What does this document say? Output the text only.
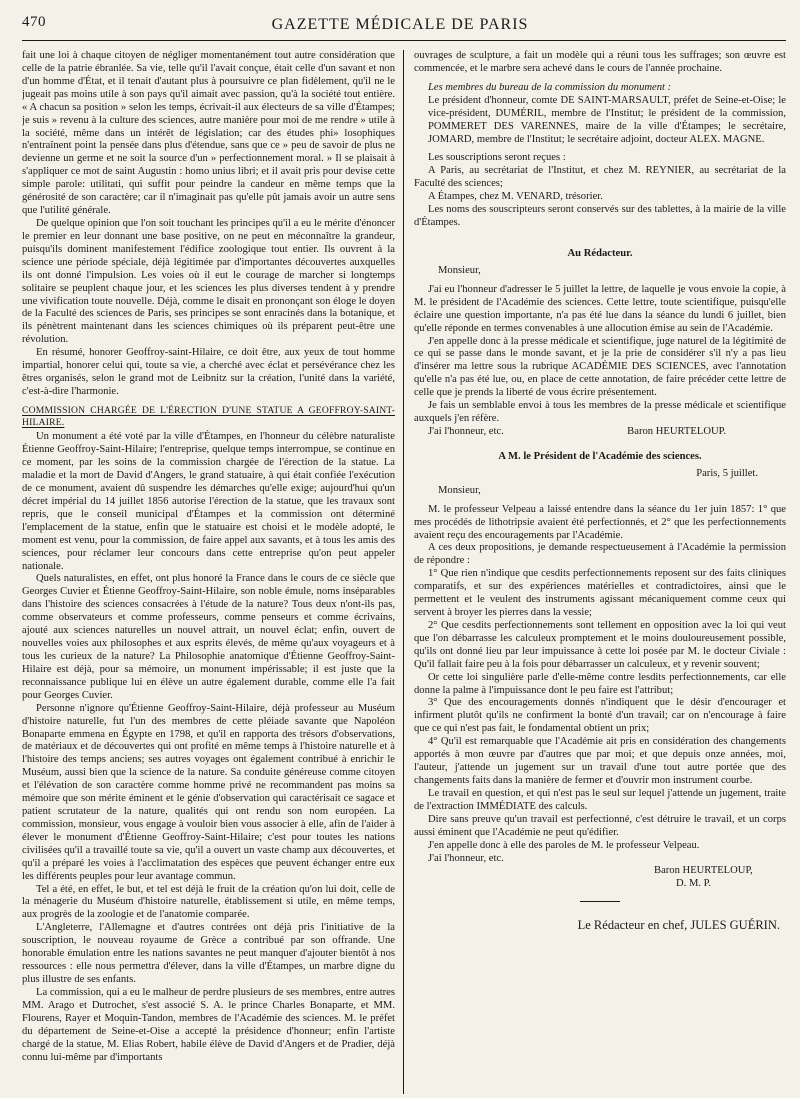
470	GAZETTE MÉDICALE DE PARIS

fait une loi à chaque citoyen de négliger momentanément tout autre considération que celle de la patrie ébranlée. Sa vie, telle qu'il l'avait conçue, était celle d'un savant et non d'un homme d'État, et il tenait d'autant plus à poursuivre ce plan fidèlement, qu'il ne le jugeait pas moins utile à son pays qu'il aimait avec passion, qu'à la société tout entière. « A chacun sa position » selon les temps, écrivait-il aux électeurs de sa ville d'Étampes; je suis » revenu à la culture des sciences, autre manière pour moi de me rendre » utile à la société, même dans un intérêt de législation; car des études phi» losophiques n'entraînent point la pensée dans plus d'étendue, sans que ce » peu de savoir de plus ne devienne un germe et ne soit la source d'un » perfectionnement moral. » Il se plaisait à s'appliquer ce mot de saint Augustin : homo unius libri; et il avait pris pour devise cette simple parole: utilitati, qui suffit pour peindre la candeur en même temps que la générosité de son caractère; car il n'imaginait pas qu'elle pût jamais avoir un autre sens que l'utilité générale.

De quelque opinion que l'on soit touchant les principes qu'il a eu le mérite d'énoncer le premier en leur donnant une base positive, on ne peut en méconnaître la grandeur, puisqu'ils dominent manifestement l'édifice zoologique tout entier. Ils ouvrent à la science une période spéciale, déjà légitimée par d'importantes découvertes auxquelles ils ont donné l'impulsion. Les voies où il eut le courage de marcher si longtemps solitaire se peuplent chaque jour, et les sciences les plus diverses tendent à y prendre une vivification toute nouvelle. Déjà, comme le disait en prononçant son éloge le doyen de la Faculté des sciences de Paris, ses principes se sont enracinés dans la botanique, et ils pénètrent maintenant dans les sciences chimiques où ils préparent peut-être une révolution.

En résumé, honorer Geoffroy-saint-Hilaire, ce doit être, aux yeux de tout homme impartial, honorer celui qui, toute sa vie, a cherché avec éclat et persévérance chez les êtres organisés, selon le grand mot de Leibnitz sur la création, l'unité dans la variété, c'est-à-dire l'harmonie.

COMMISSION CHARGÉE DE L'ÉRECTION D'UNE STATUE A GEOFFROY-SAINT-HILAIRE.

Un monument a été voté par la ville d'Étampes, en l'honneur du célèbre naturaliste Étienne Geoffroy-Saint-Hilaire; l'entreprise, quelque temps interrompue, se continue en ce moment, par les soins de la commission chargée de l'érection de la statue. La maladie et la mort de David d'Angers, le grand statuaire, à qui était confiée l'exécution de ce monument, avaient dû suspendre les démarches qu'elle exige; aujourd'hui qu'un décret impérial du 14 juillet 1856 autorise l'érection de la statue, que les travaux sont repris, que le conseil municipal d'Étampes et la commission ont déterminé l'emplacement de la statue, enfin que le statuaire est choisi et le modèle adopté, le moment est venu, pour la commission, de faire appel aux savants, et à tous les amis des sciences, pour réclamer leur concours dans cette entreprise qu'on peut appeler nationale.

Quels naturalistes, en effet, ont plus honoré la France dans le cours de ce siècle que Georges Cuvier et Étienne Geoffroy-Saint-Hilaire, son noble émule, noms inséparables dans l'histoire des sciences consacrées à l'étude de la nature? Tous deux n'ont-ils pas, comme observateurs et comme professeurs, comme penseurs et comme écrivains, ajouté aux sciences naturelles un nouvel attrait, un nouvel éclat; enfin, ouvert de nouvelles voies aux philosophes et aux esprits élevés, de même qu'aux voyageurs et à tous les curieux de la nature? La Philosophie anatomique d'Étienne Geoffroy-Saint-Hilaire est déjà, pour sa mémoire, un monument impérissable; il est juste que la reconnaissance publique lui en élève un autre également durable, comme elle l'a fait pour Georges Cuvier.

Personne n'ignore qu'Étienne Geoffroy-Saint-Hilaire, déjà professeur au Muséum d'histoire naturelle, fut l'un des membres de cette pléiade savante que Napoléon Bonaparte emmena en Égypte en 1798, et qu'il en rapporta des trésors d'observations, de matériaux et de découvertes qui ont profité en même temps à l'histoire naturelle et à l'histoire des temps anciens; ses autres voyages ont également contribué à enrichir le Muséum, aussi bien que la science de la nature. Sa conduite généreuse comme citoyen et l'élévation de son caractère comme homme privé ne recommandent pas moins sa mémoire que son mérite éminent et le génie d'observation qui caractérisait ce sagace et patient scrutateur de la nature, qualités qui ont rendu son nom européen. La commission, monsieur, vous engage à vouloir bien vous associer à elle, afin de l'aider à élever le monument d'Étienne Geoffroy-Saint-Hilaire; c'est pour toutes les nations civilisées qu'il a travaillé toute sa vie, qu'il a ouvert un vaste champ aux découvertes, et qu'il a préparé les voies à l'acclimatation des espèces que peuvent échanger entre eux les différents peuples pour leur avantage commun.

Tel a été, en effet, le but, et tel est déjà le fruit de la création qu'on lui doit, celle de la ménagerie du Muséum d'histoire naturelle, établissement si utile, en même temps, aux progrès de la zoologie et de l'anatomie comparée.

L'Angleterre, l'Allemagne et d'autres contrées ont déjà pris l'initiative de la souscription, le nouveau royaume de Grèce a contribué par son offrande. Une honorable émulation entre les nations savantes ne peut manquer d'ajouter bientôt à nos ressources : elle nous permettra d'élever, dans la ville d'Étampes, un marbre digne du plus illustre de ses enfants.

La commission, qui a eu le malheur de perdre plusieurs de ses membres, entre autres MM. Arago et Dutrochet, s'est associé S. A. le prince Charles Bonaparte, et MM. Flourens, Rayer et Moquin-Tandon, membres de l'Académie des sciences. M. le préfet du département de Seine-et-Oise a accepté la présidence d'honneur; enfin l'artiste chargé de la statue, M. Elias Robert, habile élève de David d'Angers et de Pradier, déjà connu lui-même par d'importants

ouvrages de sculpture, a fait un modèle qui a réuni tous les suffrages; son œuvre est commencée, et le marbre sera achevé dans le cours de l'année prochaine.

Les membres du bureau de la commission du monument :

Le président d'honneur, comte DE SAINT-MARSAULT, préfet de Seine-et-Oise; le vice-président, DUMÉRIL, membre de l'Institut; le président de la commission, POMMERET DES VARENNES, maire de la ville d'Étampes; le secrétaire, JOMARD, membre de l'Institut; le secrétaire adjoint, docteur ALEX. MAGNE.

Les souscriptions seront reçues :

A Paris, au secrétariat de l'Institut, et chez M. REYNIER, au secrétariat de la Faculté des sciences;

A Étampes, chez M. VENARD, trésorier.

Les noms des souscripteurs seront conservés sur des tablettes, à la mairie de la ville d'Étampes.

Au Rédacteur.

Monsieur,

J'ai eu l'honneur d'adresser le 5 juillet la lettre, de laquelle je vous envoie la copie, à M. le président de l'Académie des sciences. Cette lettre, toute scientifique, puisqu'elle éclaire une question importante, n'a pas été lue dans la séance du lundi 6 juillet, bien qu'elle réponde en termes convenables à une allocution émise au sein de l'Académie.

J'en appelle donc à la presse médicale et scientifique, juge naturel de la légitimité de ce qui se passe dans le monde savant, et je la prie de considérer s'il n'y a pas lieu d'insérer ma lettre sous la rubrique ACADÉMIE DES SCIENCES, avec l'annotation qu'elle n'a pas été lue, ou, en place de cette annotation, de faire précéder cette lettre de celle que je prends la liberté de vous écrire présentement.

Je fais un semblable envoi à tous les membres de la presse médicale et scientifique auxquels j'en réfère.

J'ai l'honneur, etc.	Baron HEURTELOUP.

A M. le Président de l'Académie des sciences.

Paris, 5 juillet.

Monsieur,

M. le professeur Velpeau a laissé entendre dans la séance du 1er juin 1857: 1° que mes procédés de lithotripsie avaient été perfectionnés, et 2° que les perfectionnements avaient reçu des encouragements par l'Académie.

A ces deux propositions, je demande respectueusement à l'Académie la permission de répondre :

1° Que rien n'indique que cesdits perfectionnements reposent sur des faits cliniques comparatifs, et sur des expériences matérielles et contradictoires, ainsi que le permettent et le veulent des instruments agissant mécaniquement comme ceux qui servent à broyer les pierres dans la vessie;

2° Que cesdits perfectionnements sont tellement en opposition avec la loi qui veut que l'on débarrasse les calculeux promptement et le moins douloureusement possible, qu'ils ont donné lieu par leur impuissance à cette loi posée par M. le docteur Civiale : Qu'il fallait faire peu à la fois pour débarrasser un calculeux, et y revenir souvent;

Or cette loi singulière parle d'elle-même contre lesdits perfectionnements, car elle donne la palme à l'impuissance dont le peu faire est l'attribut;

3° Que des encouragements donnés n'indiquent que le désir d'encourager et infirment plutôt qu'ils ne confirment la bonté d'un travail; car on n'encourage à faire que ce qui n'est pas fait, le fondamental obtient un prix;

4° Qu'il est remarquable que l'Académie ait pris en considération des changements apportés à mon œuvre par d'autres que par moi; et que depuis onze années, moi, l'auteur, j'attende un jugement sur un travail d'une tout autre portée que des changements faits dans la manière de fermer et d'ouvrir mon instrument courbe.

Le travail en question, et qui n'est pas le seul sur lequel j'attende un jugement, traite de l'extraction IMMÉDIATE des calculs.

Dire sans preuve qu'un travail est perfectionné, c'est détruire le travail, et un corps aussi éminent que l'Académie ne peut qu'édifier.

J'en appelle donc à elle des paroles de M. le professeur Velpeau.

J'ai l'honneur, etc.

Baron HEURTELOUP,

D. M. P.

Le Rédacteur en chef, JULES GUÉRIN.
